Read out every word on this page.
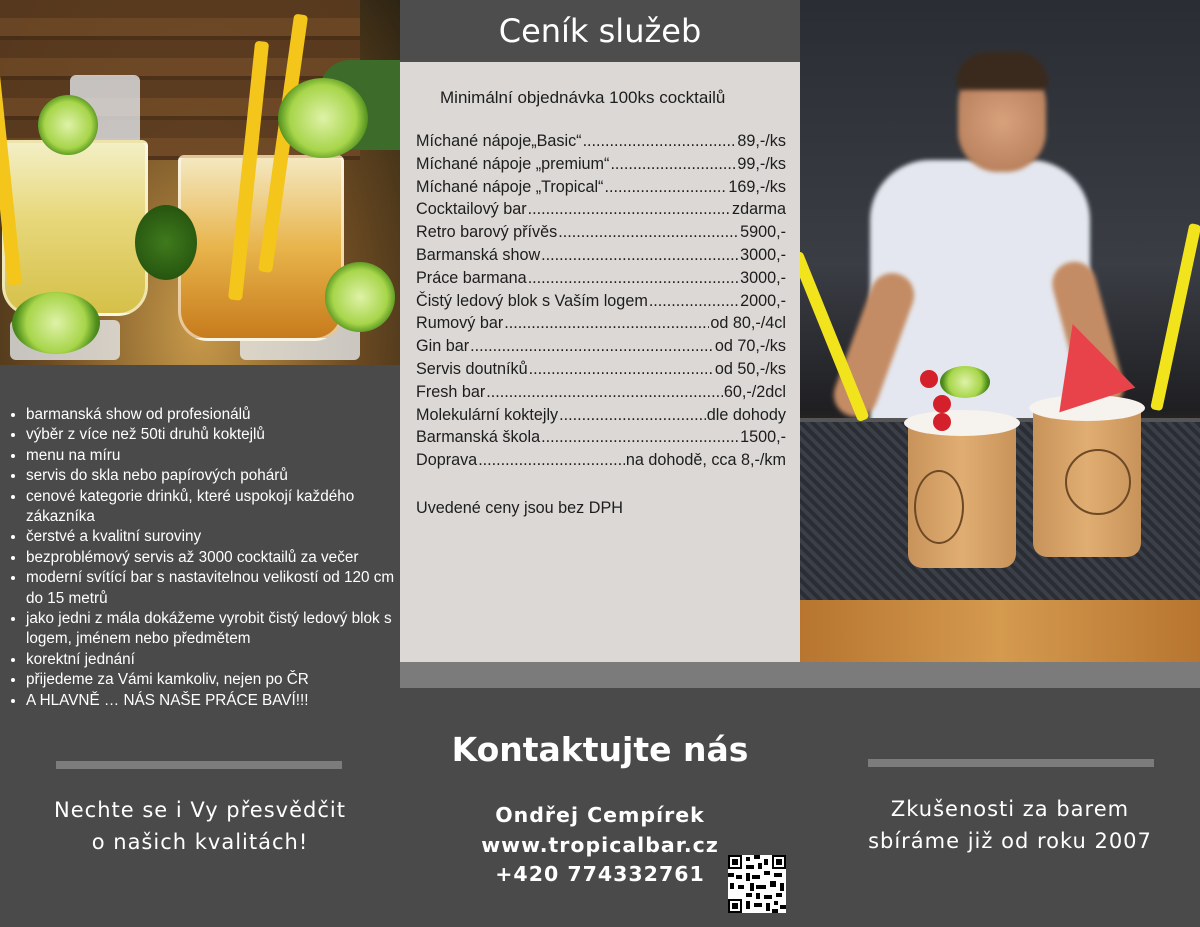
• barmanská show od profesionálů
• výběr z více než 50ti druhů koktejlů
• menu na míru
• servis do skla nebo papírových pohárů
• cenové kategorie drinků, které uspokojí každého zákazníka
• čerstvé a kvalitní suroviny
• bezproblémový servis až 3000 cocktailů za večer
• moderní svítící bar s nastavitelnou velikostí od 120 cm do 15 metrů
• jako jedni z mála dokážeme vyrobit čistý ledový blok s logem, jménem nebo předmětem
• korektní jednání
• přijedeme za Vámi kamkoliv, nejen po ČR
• A HLAVNĚ … NÁS NAŠE PRÁCE BAVÍ!!!
Nechte se i Vy přesvědčit
o našich kvalitách!
Ceník služeb
Minimální objednávka 100ks cocktailů
Míchané nápoje„Basic“ .....	89,-/ks
Míchané nápoje „premium“ .....	99,-/ks
Míchané nápoje „Tropical“ .....	169,-/ks
Cocktailový bar .....	zdarma
Retro barový přívěs .....	5900,-
Barmanská show .....	3000,-
Práce barmana .....	3000,-
Čistý ledový blok s Vaším logem .....	2000,-
Rumový bar .....	od 80,-/4cl
Gin bar .....	od 70,-/ks
Servis doutníků .....	od 50,-/ks
Fresh bar .....	60,-/2dcl
Molekulární koktejly .....	dle dohody
Barmanská škola .....	1500,-
Doprava .....	na dohodě, cca 8,-/km
Uvedené ceny jsou bez DPH
Zkušenosti za barem
sbíráme již od roku 2007
Kontaktujte nás
Ondřej Cempírek
www.tropicalbar.cz
+420 774332761
